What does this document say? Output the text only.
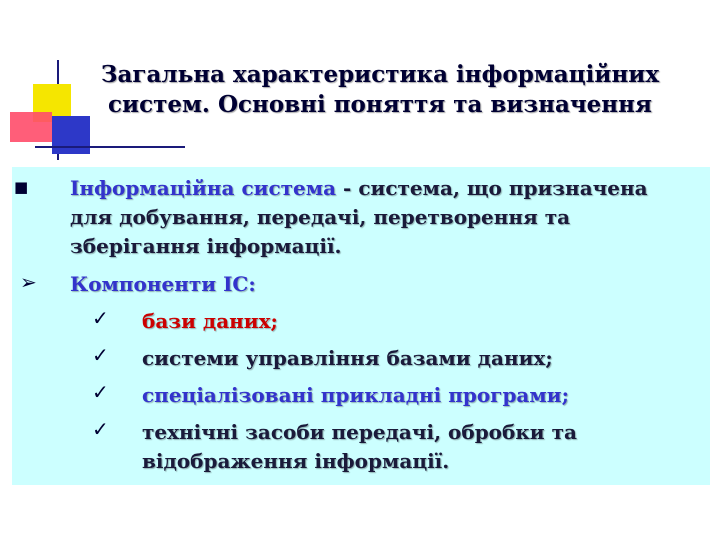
Загальна характеристика інформаційних
систем. Основні поняття та визначення
■ Інформаційна система - система, що призначена
для добування, передачі, перетворення та
зберігання інформації.
➢ Компоненти ІС:
✓ бази даних;
✓ системи управління базами даних;
✓ спеціалізовані прикладні програми;
✓ технічні засоби передачі, обробки та
відображення інформації.
